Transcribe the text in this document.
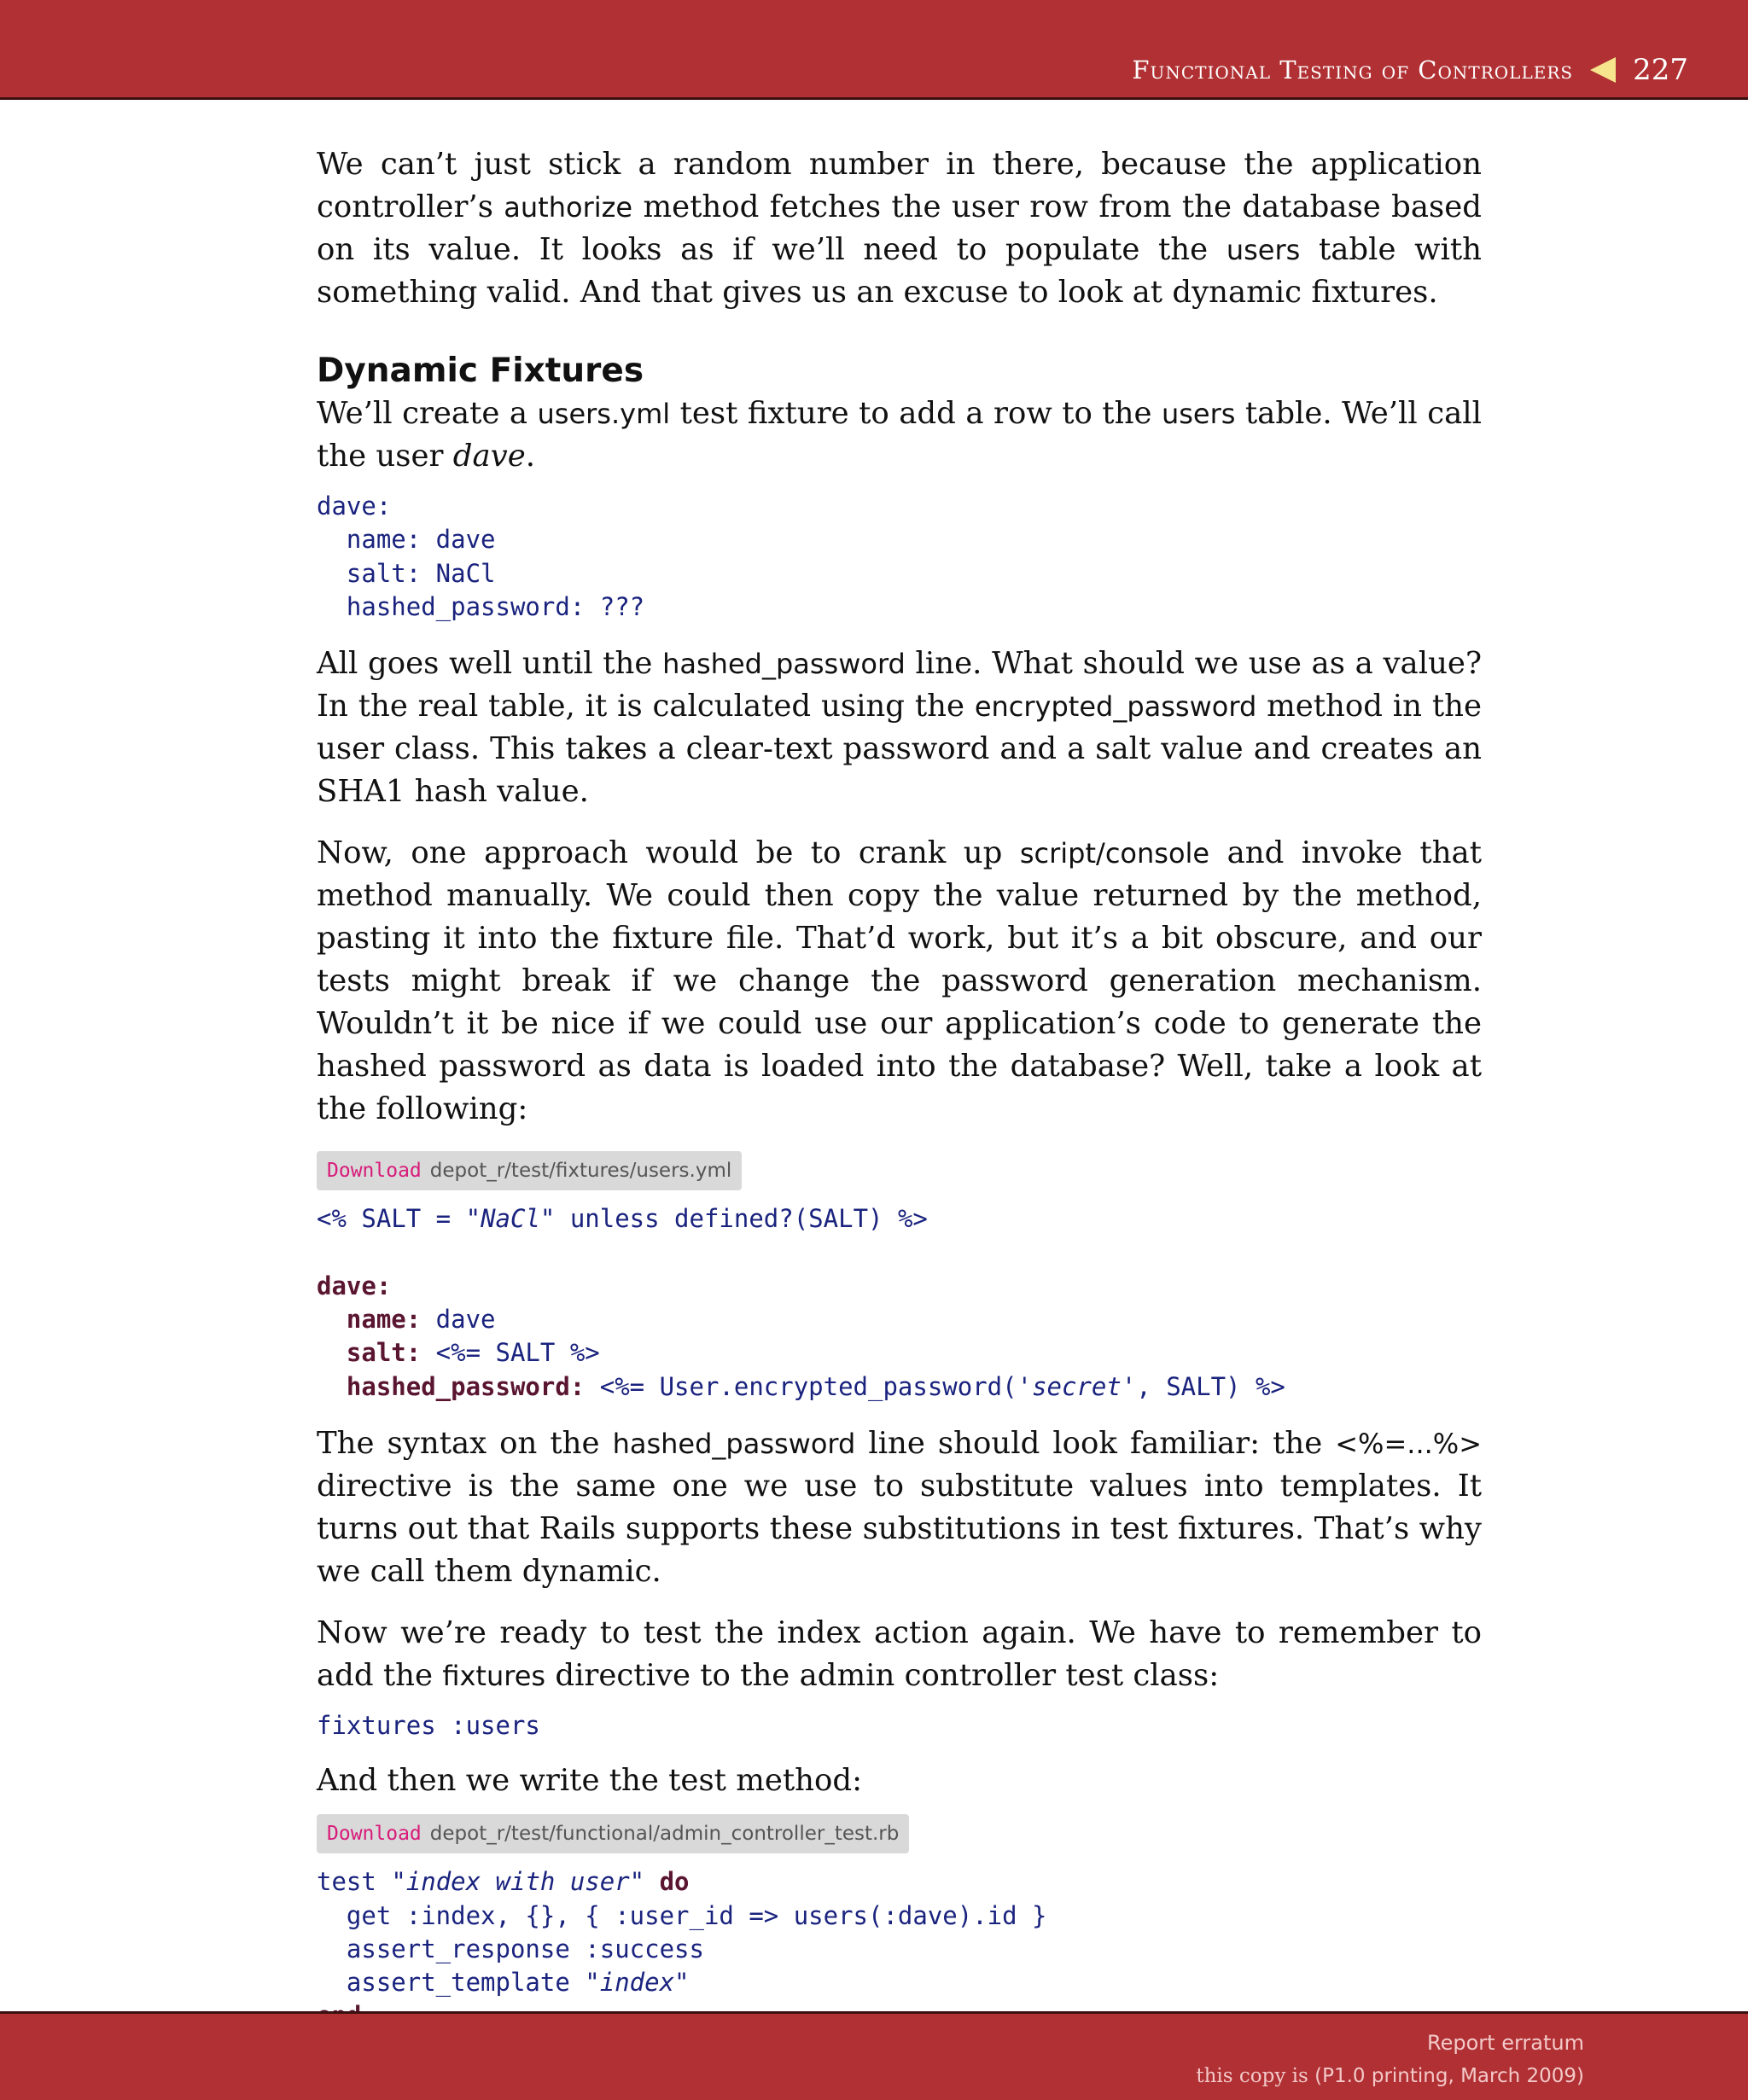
Functional Testing of Controllers 227

We can’t just stick a random number in there, because the application controller’s authorize method fetches the user row from the database based on its value. It looks as if we’ll need to populate the users table with something valid. And that gives us an excuse to look at dynamic fixtures.

Dynamic Fixtures

We’ll create a users.yml test fixture to add a row to the users table. We’ll call the user dave.

dave:
name: dave
salt: NaCl
hashed_password: ???

All goes well until the hashed_password line. What should we use as a value? In the real table, it is calculated using the encrypted_password method in the user class. This takes a clear-text password and a salt value and creates an SHA1 hash value.

Now, one approach would be to crank up script/console and invoke that method manually. We could then copy the value returned by the method, pasting it into the fixture file. That’d work, but it’s a bit obscure, and our tests might break if we change the password generation mechanism. Wouldn’t it be nice if we could use our application’s code to generate the hashed password as data is loaded into the database? Well, take a look at the following:

Download depot_r/test/fixtures/users.yml
<% SALT = "NaCl" unless defined?(SALT) %>

dave:
name: dave
salt: <%= SALT %>
hashed_password: <%= User.encrypted_password('secret', SALT) %>

The syntax on the hashed_password line should look familiar: the <%=...%> directive is the same one we use to substitute values into templates. It turns out that Rails supports these substitutions in test fixtures. That’s why we call them dynamic.

Now we’re ready to test the index action again. We have to remember to add the fixtures directive to the admin controller test class:

fixtures :users

And then we write the test method:

Download depot_r/test/functional/admin_controller_test.rb
test "index with user" do
get :index, {}, { :user_id => users(:dave).id }
assert_response :success
assert_template "index"

Report erratum
this copy is (P1.0 printing, March 2009)
